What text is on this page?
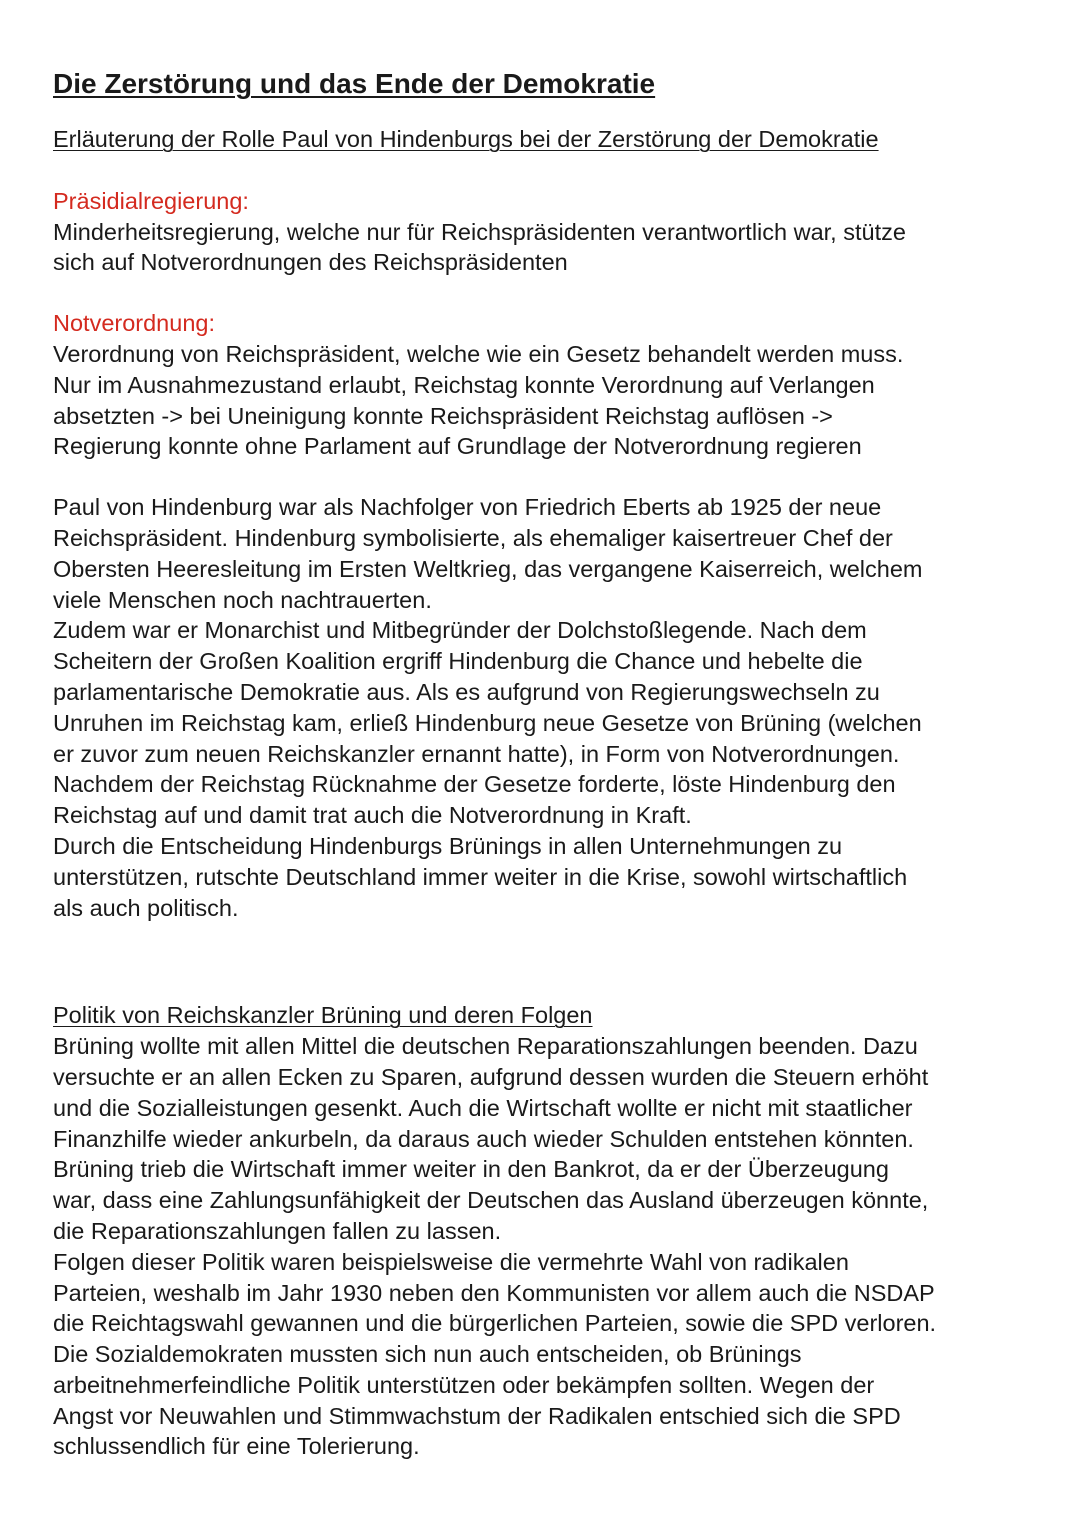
Die Zerstörung und das Ende der Demokratie

Erläuterung der Rolle Paul von Hindenburgs bei der Zerstörung der Demokratie

Präsidialregierung:

Minderheitsregierung, welche nur für Reichspräsidenten verantwortlich war, stütze
sich auf Notverordnungen des Reichspräsidenten

Notverordnung:

Verordnung von Reichspräsident, welche wie ein Gesetz behandelt werden muss.
Nur im Ausnahmezustand erlaubt, Reichstag konnte Verordnung auf Verlangen
absetzten -> bei Uneinigung konnte Reichspräsident Reichstag auflösen ->
Regierung konnte ohne Parlament auf Grundlage der Notverordnung regieren

Paul von Hindenburg war als Nachfolger von Friedrich Eberts ab 1925 der neue
Reichspräsident. Hindenburg symbolisierte, als ehemaliger kaisertreuer Chef der
Obersten Heeresleitung im Ersten Weltkrieg, das vergangene Kaiserreich, welchem
viele Menschen noch nachtrauerten.
Zudem war er Monarchist und Mitbegründer der Dolchstoßlegende. Nach dem
Scheitern der Großen Koalition ergriff Hindenburg die Chance und hebelte die
parlamentarische Demokratie aus. Als es aufgrund von Regierungswechseln zu
Unruhen im Reichstag kam, erließ Hindenburg neue Gesetze von Brüning (welchen
er zuvor zum neuen Reichskanzler ernannt hatte), in Form von Notverordnungen.
Nachdem der Reichstag Rücknahme der Gesetze forderte, löste Hindenburg den
Reichstag auf und damit trat auch die Notverordnung in Kraft.
Durch die Entscheidung Hindenburgs Brünings in allen Unternehmungen zu
unterstützen, rutschte Deutschland immer weiter in die Krise, sowohl wirtschaftlich
als auch politisch.

Politik von Reichskanzler Brüning und deren Folgen

Brüning wollte mit allen Mittel die deutschen Reparationszahlungen beenden. Dazu
versuchte er an allen Ecken zu Sparen, aufgrund dessen wurden die Steuern erhöht
und die Sozialleistungen gesenkt. Auch die Wirtschaft wollte er nicht mit staatlicher
Finanzhilfe wieder ankurbeln, da daraus auch wieder Schulden entstehen könnten.
Brüning trieb die Wirtschaft immer weiter in den Bankrot, da er der Überzeugung
war, dass eine Zahlungsunfähigkeit der Deutschen das Ausland überzeugen könnte,
die Reparationszahlungen fallen zu lassen.
Folgen dieser Politik waren beispielsweise die vermehrte Wahl von radikalen
Parteien, weshalb im Jahr 1930 neben den Kommunisten vor allem auch die NSDAP
die Reichtagswahl gewannen und die bürgerlichen Parteien, sowie die SPD verloren.
Die Sozialdemokraten mussten sich nun auch entscheiden, ob Brünings
arbeitnehmerfeindliche Politik unterstützen oder bekämpfen sollten. Wegen der
Angst vor Neuwahlen und Stimmwachstum der Radikalen entschied sich die SPD
schlussendlich für eine Tolerierung.
